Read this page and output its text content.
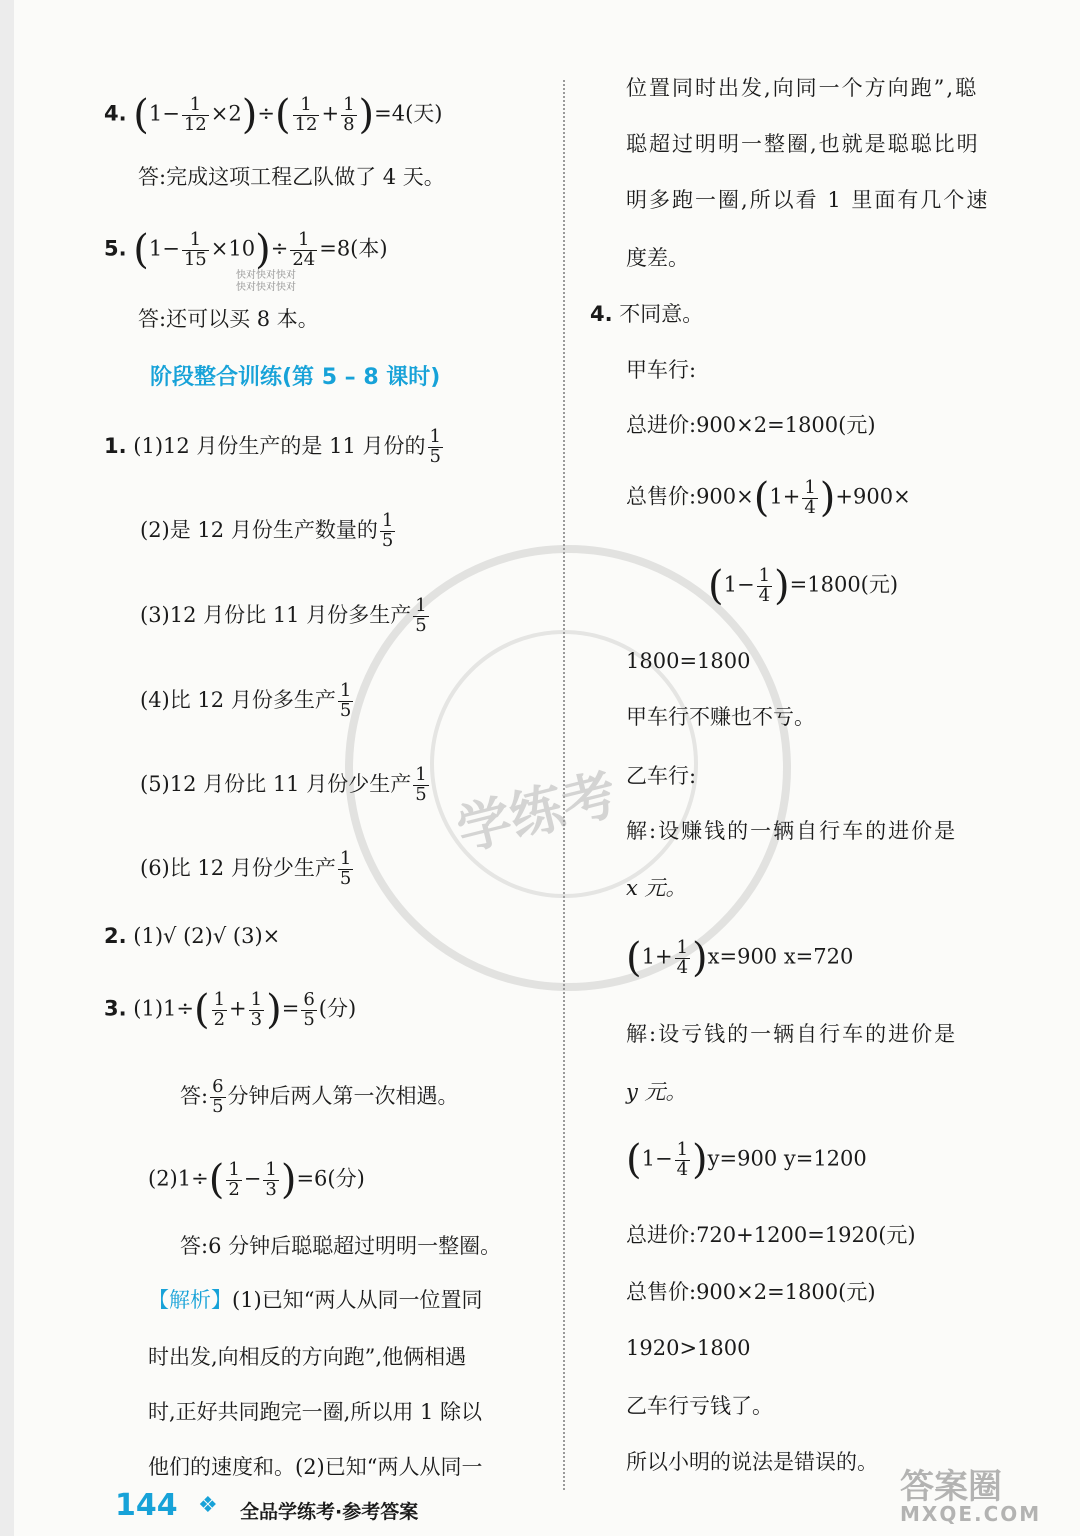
学练考
4. $(1- \frac{1}{12} \times 2)\div( \frac{1}{12} + \frac{1}{8} )=4$(天)
答:完成这项工程乙队做了 4 天。
5. $(1- \frac{1}{15} \times 10)\div \frac{1}{24} =8$(本)
快对快对快对
快对快对快对
答:还可以买 8 本。
阶段整合训练(第 5 – 8 课时)
1. (1)12 月份生产的是 11 月份的 $\frac{1}{5}$
(2)是 12 月份生产数量的 $\frac{1}{5}$
(3)12 月份比 11 月份多生产 $\frac{1}{5}$
(4)比 12 月份多生产 $\frac{1}{5}$
(5)12 月份比 11 月份少生产 $\frac{1}{5}$
(6)比 12 月份少生产 $\frac{1}{5}$
2. (1)√ (2)√ (3)×
3. $(1)1\div( \frac{1}{2} + \frac{1}{3}$ )= $\frac{6}{5}$ (分)
答: $\frac{6}{5}$ 分钟后两人第一次相遇。
$(2)1\div( \frac{1}{2} - \frac{1}{3} )=6$(分)
答:6 分钟后聪聪超过明明一整圈。
【解析】(1)已知“两人从同一位置同
时出发,向相反的方向跑”,他俩相遇
时,正好共同跑完一圈,所以用 1 除以
他们的速度和。(2)已知“两人从同一
位置同时出发,向同一个方向跑”,聪
聪超过明明一整圈,也就是聪聪比明
明多跑一圈,所以看 1 里面有几个速
度差。
4. 不同意。
甲车行:
总进价:900×2=1800(元)
总售价:900×(1+ $\frac{1}{4} )+900\times$
$(1- \frac{1}{4} )=1800$(元)
1800=1800
甲车行不赚也不亏。
乙车行:
解:设赚钱的一辆自行车的进价是
x 元。
$(1+ \frac{1}{4} )x=900$ x=720
解:设亏钱的一辆自行车的进价是
y 元。
$(1- \frac{1}{4} )y=900$ y=1200
总进价:720+1200=1920(元)
总售价:900×2=1800(元)
1920>1800
乙车行亏钱了。
所以小明的说法是错误的。
144 ❖ 全品学练考·参考答案
答案圈
MXQE.COM
